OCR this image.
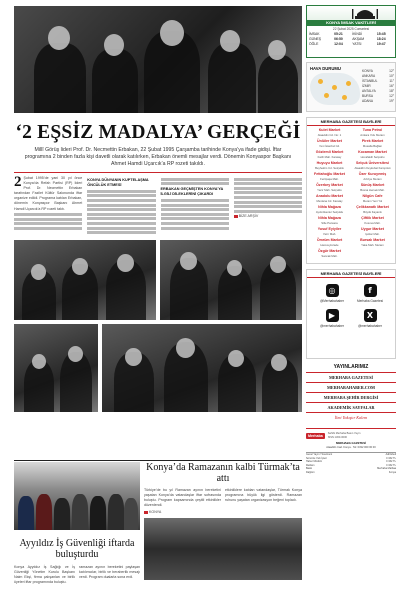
‘2 EŞSİZ MADALYA’ GERÇEĞİ

Millî Görüş lideri Prof. Dr. Necmettin Erbakan, 22 Şubat 1995 Çarşamba tarihinde Konya’ya ifade gidişi. İftar programına 2 binden fazla kişi davetli olarak katılırken, Erbakan önemli mesajlar verdi. Dönemin Konyaspor Başkanı Ahmet Hamdi Uçarcık’a RP rozeti takıldı.

2 Şubat 1995’de yani 30 yıl önce Konya’da Refah Partisi (RP) lideri Prof. Dr. Necmettin Erbakan tarafından Fazilet Kültür Salonunda iftar organize edildi. Programa katılan Erbakan, dönemin Konyaspor Başkanı Ahmet Hamdi Uçarcık’a RP rozeti taktı.
KONYA DÜNYANIN KUPTELAŞMA ÖNCÜLÜK ETMESİ
ERBAKAN GEÇMİŞTEN KONYA’YA İLGİLİ DİLEKLERİNİ ÇIKARDI
BİZE ARŞİV
Ayyıldız İş Güvenliği iftarda buluşturdu
Konya Ayyıldız İş Sağlığı ve İş Güvenliği Yönetim Kurulu Başkanı Naim Ekşi, firma çalışanları ve birlik üyeleri iftar programında buluştu.
ramazan ayının bereketini paylaşan katılımcılar, birlik ve beraberlik mesajı verdi. Program dualarla sona erdi.
Konya’da Ramazanın kalbi Türmak’ta attı
Türkiye’de bu yıl Ramazan ayının bereketini yaşatan Konya’da vatandaşlar iftar sofrasında buluştu. Program kapsamında çeşitli etkinlikler düzenlendi.
etkinliklere katılan vatandaşlar, Türmak Konya programına büyük ilgi gösterdi. Ramazan ruhunu yaşatan organizasyon beğeni topladı.
KONYA
KONYA İMSAK VAKİTLERİ
22 Şubat 2025 Cumartesi
İMSAK	05:21	İKİNDİ	15:45
GÜNEŞ	06:50	AKŞAM	18:24
ÖĞLE	12:04	YATSI	19:47
HAVA DURUMU	KONYA	12°
ANKARA	10°
İSTANBUL	11°
İZMİR	16°
ANTALYA	18°
BURSA	12°
ADANA	19°
MERHABA GAZETESİ BAYİLERİ
Kulet Market
Alaaddin Cd. No: 1
Tuna Petrol
Ankara Yolu Meram
Ünlüler Market
Yeni İstanbul Cd.
Pirek Market
Musalla Bağları
Gözlemli Market
Fatih Mah. Karatay
Kocaman Market
Hocafakih Selçuklu
Huyuyu Market
Beyhekim Cd. Selçuklu
Selçuk Üniversitesi
Alaaddin Keykubat Kampüsü
Fettahoğlu Market
Feritpaşa Mah.
Özer Kuruyemiş
Aziziye Meram
Özerbey Market
Yazır Mah. Selçuklu
Sünüş Market
Bosna Hersek Mah.
Anadolu Market
Mevlana Cd. Karatay
Nilgün Cafe
Meram Yeni Yol
Nihla Mağaza
Aydınlıkevler Selçuklu
Çelikkanatlı Market
Büyük Kayacık
Nihla Mağaza
Sille Parsana
Çiftlik Market
Kosova Mah.
Yusuf Eyiyiler
Yazır Mah.
Uygur Market
Işıklar Mah.
Ömrüm Market
Hacıveyiszade
Bursalı Market
Yaka Mah. Meram
Özgür Market
Sancak Mah.
MERHABA GAZETESİ BAYİLERİ
◎
@Merhabahaber
f
Merhaba Gazetesi
▶
@merhabahaber
X
@merhabahaber
YAYINLARIMIZ
MERHABA GAZETESİ
MERHABAHABER.COM
MERHABA ŞEHİR DERGİSİ
AKADEMİK SAYFALAR
İlmi Yakıştır Kalem
Merhaba	Sahibi Merhaba Basın Yayın
ISSN 1300-0000
MERHABA GAZETESİ
Alaaddin Cad. Konya · Tel: 0332 000 00 00
Genel Yayın Yönetmeni	Adil Ebeli
Sorumlu Yazı İşleri	0 332 TL
Haber Müdürü	0 332 TL
Reklam	0 332 TL
Baskı	Merhaba Matbaa
Dağıtım	Konya
